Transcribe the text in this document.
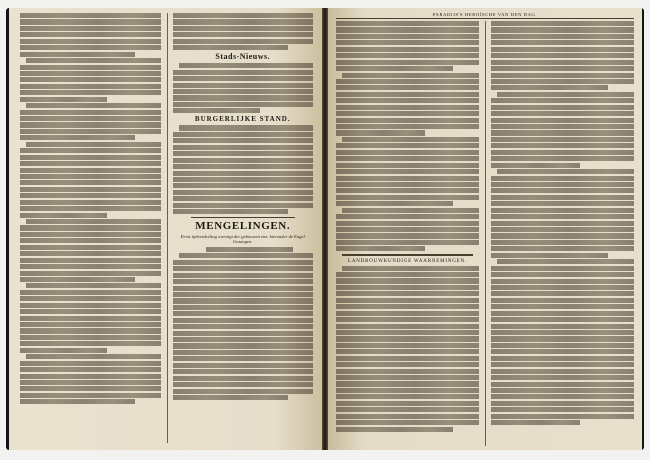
Stads-Nieuws.
BURGERLIJKE STAND.
MENGELINGEN.
Eerst tijdverdeeling overzigt der gebouwen enz. hieronder de Engel Gezangen.
PARADIJS'S HEROÏSCHE VAN DEN DAG.
LANDBOUWKUNDIGE WAARNEMINGEN.
